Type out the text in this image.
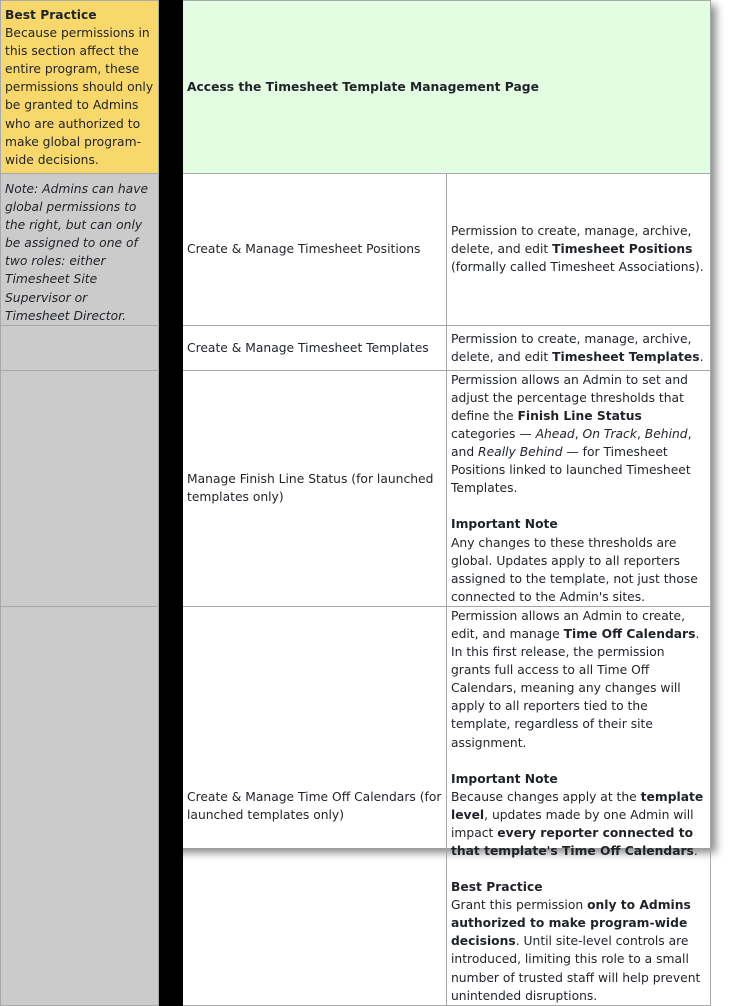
Best Practice
Because permissions in this section affect the entire program, these permissions should only be granted to Admins who are authorized to make global program-wide decisions.		Access the Timesheet Template Management Page	
Note: Admins can have global permissions to the right, but can only be assigned to one of two roles: either Timesheet Site Supervisor or Timesheet Director.		Create & Manage Timesheet Positions	Permission to create, manage, archive, delete, and edit Timesheet Positions (formally called Timesheet Associations).
		Create & Manage Timesheet Templates	Permission to create, manage, archive, delete, and edit Timesheet Templates.
		Manage Finish Line Status (for launched templates only)	Permission allows an Admin to set and adjust the percentage thresholds that define the Finish Line Status categories — Ahead, On Track, Behind, and Really Behind — for Timesheet Positions linked to launched Timesheet Templates.
Important Note
Any changes to these thresholds are global. Updates apply to all reporters assigned to the template, not just those connected to the Admin's sites.

		Create & Manage Time Off Calendars (for launched templates only)	Permission allows an Admin to create, edit, and manage Time Off Calendars. In this first release, the permission grants full access to all Time Off Calendars, meaning any changes will apply to all reporters tied to the template, regardless of their site assignment.
Important Note
Because changes apply at the template level, updates made by one Admin will impact every reporter connected to that template's Time Off Calendars.
Best Practice
Grant this permission only to Admins authorized to make program-wide decisions. Until site-level controls are introduced, limiting this role to a small number of trusted staff will help prevent unintended disruptions.
